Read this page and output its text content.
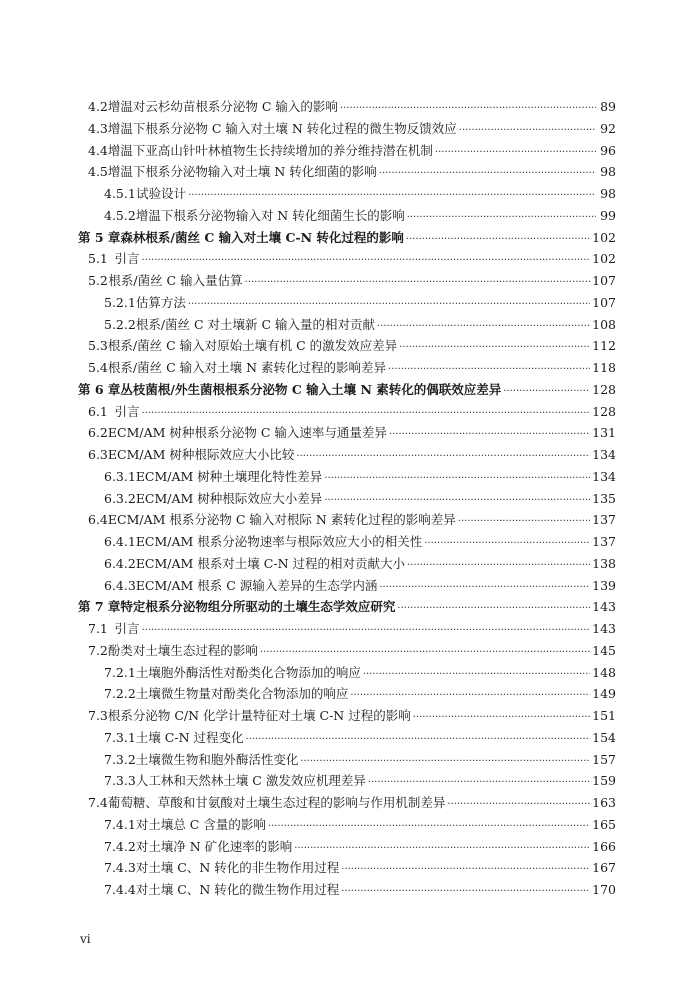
4.2 增温对云杉幼苗根系分泌物 C 输入的影响 ·····	89
4.3 增温下根系分泌物 C 输入对土壤 N 转化过程的微生物反馈效应 ·····	92
4.4 增温下亚高山针叶林植物生长持续增加的养分维持潜在机制 ·····	96
4.5 增温下根系分泌物输入对土壤 N 转化细菌的影响 ·····	98
4.5.1 试验设计 ·····	98
4.5.2 增温下根系分泌物输入对 N 转化细菌生长的影响 ·····	99
第 5 章 森林根系/菌丝 C 输入对土壤 C-N 转化过程的影响 ·····	102
5.1 引言 ·····	102
5.2 根系/菌丝 C 输入量估算 ·····	107
5.2.1 估算方法 ·····	107
5.2.2 根系/菌丝 C 对土壤新 C 输入量的相对贡献 ·····	108
5.3 根系/菌丝 C 输入对原始土壤有机 C 的激发效应差异 ·····	112
5.4 根系/菌丝 C 输入对土壤 N 素转化过程的影响差异 ·····	118
第 6 章 丛枝菌根/外生菌根根系分泌物 C 输入土壤 N 素转化的偶联效应差异 ·····	128
6.1 引言 ·····	128
6.2 ECM/AM 树种根系分泌物 C 输入速率与通量差异 ·····	131
6.3 ECM/AM 树种根际效应大小比较 ·····	134
6.3.1 ECM/AM 树种土壤理化特性差异 ·····	134
6.3.2 ECM/AM 树种根际效应大小差异 ·····	135
6.4 ECM/AM 根系分泌物 C 输入对根际 N 素转化过程的影响差异 ·····	137
6.4.1 ECM/AM 根系分泌物速率与根际效应大小的相关性 ·····	137
6.4.2 ECM/AM 根系对土壤 C-N 过程的相对贡献大小 ·····	138
6.4.3 ECM/AM 根系 C 源输入差异的生态学内涵 ·····	139
第 7 章 特定根系分泌物组分所驱动的土壤生态学效应研究 ·····	143
7.1 引言 ·····	143
7.2 酚类对土壤生态过程的影响 ·····	145
7.2.1 土壤胞外酶活性对酚类化合物添加的响应 ·····	148
7.2.2 土壤微生物量对酚类化合物添加的响应 ·····	149
7.3 根系分泌物 C/N 化学计量特征对土壤 C-N 过程的影响 ·····	151
7.3.1 土壤 C-N 过程变化 ·····	154
7.3.2 土壤微生物和胞外酶活性变化 ·····	157
7.3.3 人工林和天然林土壤 C 激发效应机理差异 ·····	159
7.4 葡萄糖、草酸和甘氨酸对土壤生态过程的影响与作用机制差异 ·····	163
7.4.1 对土壤总 C 含量的影响 ·····	165
7.4.2 对土壤净 N 矿化速率的影响 ·····	166
7.4.3 对土壤 C、N 转化的非生物作用过程 ·····	167
7.4.4 对土壤 C、N 转化的微生物作用过程 ·····	170
vi
